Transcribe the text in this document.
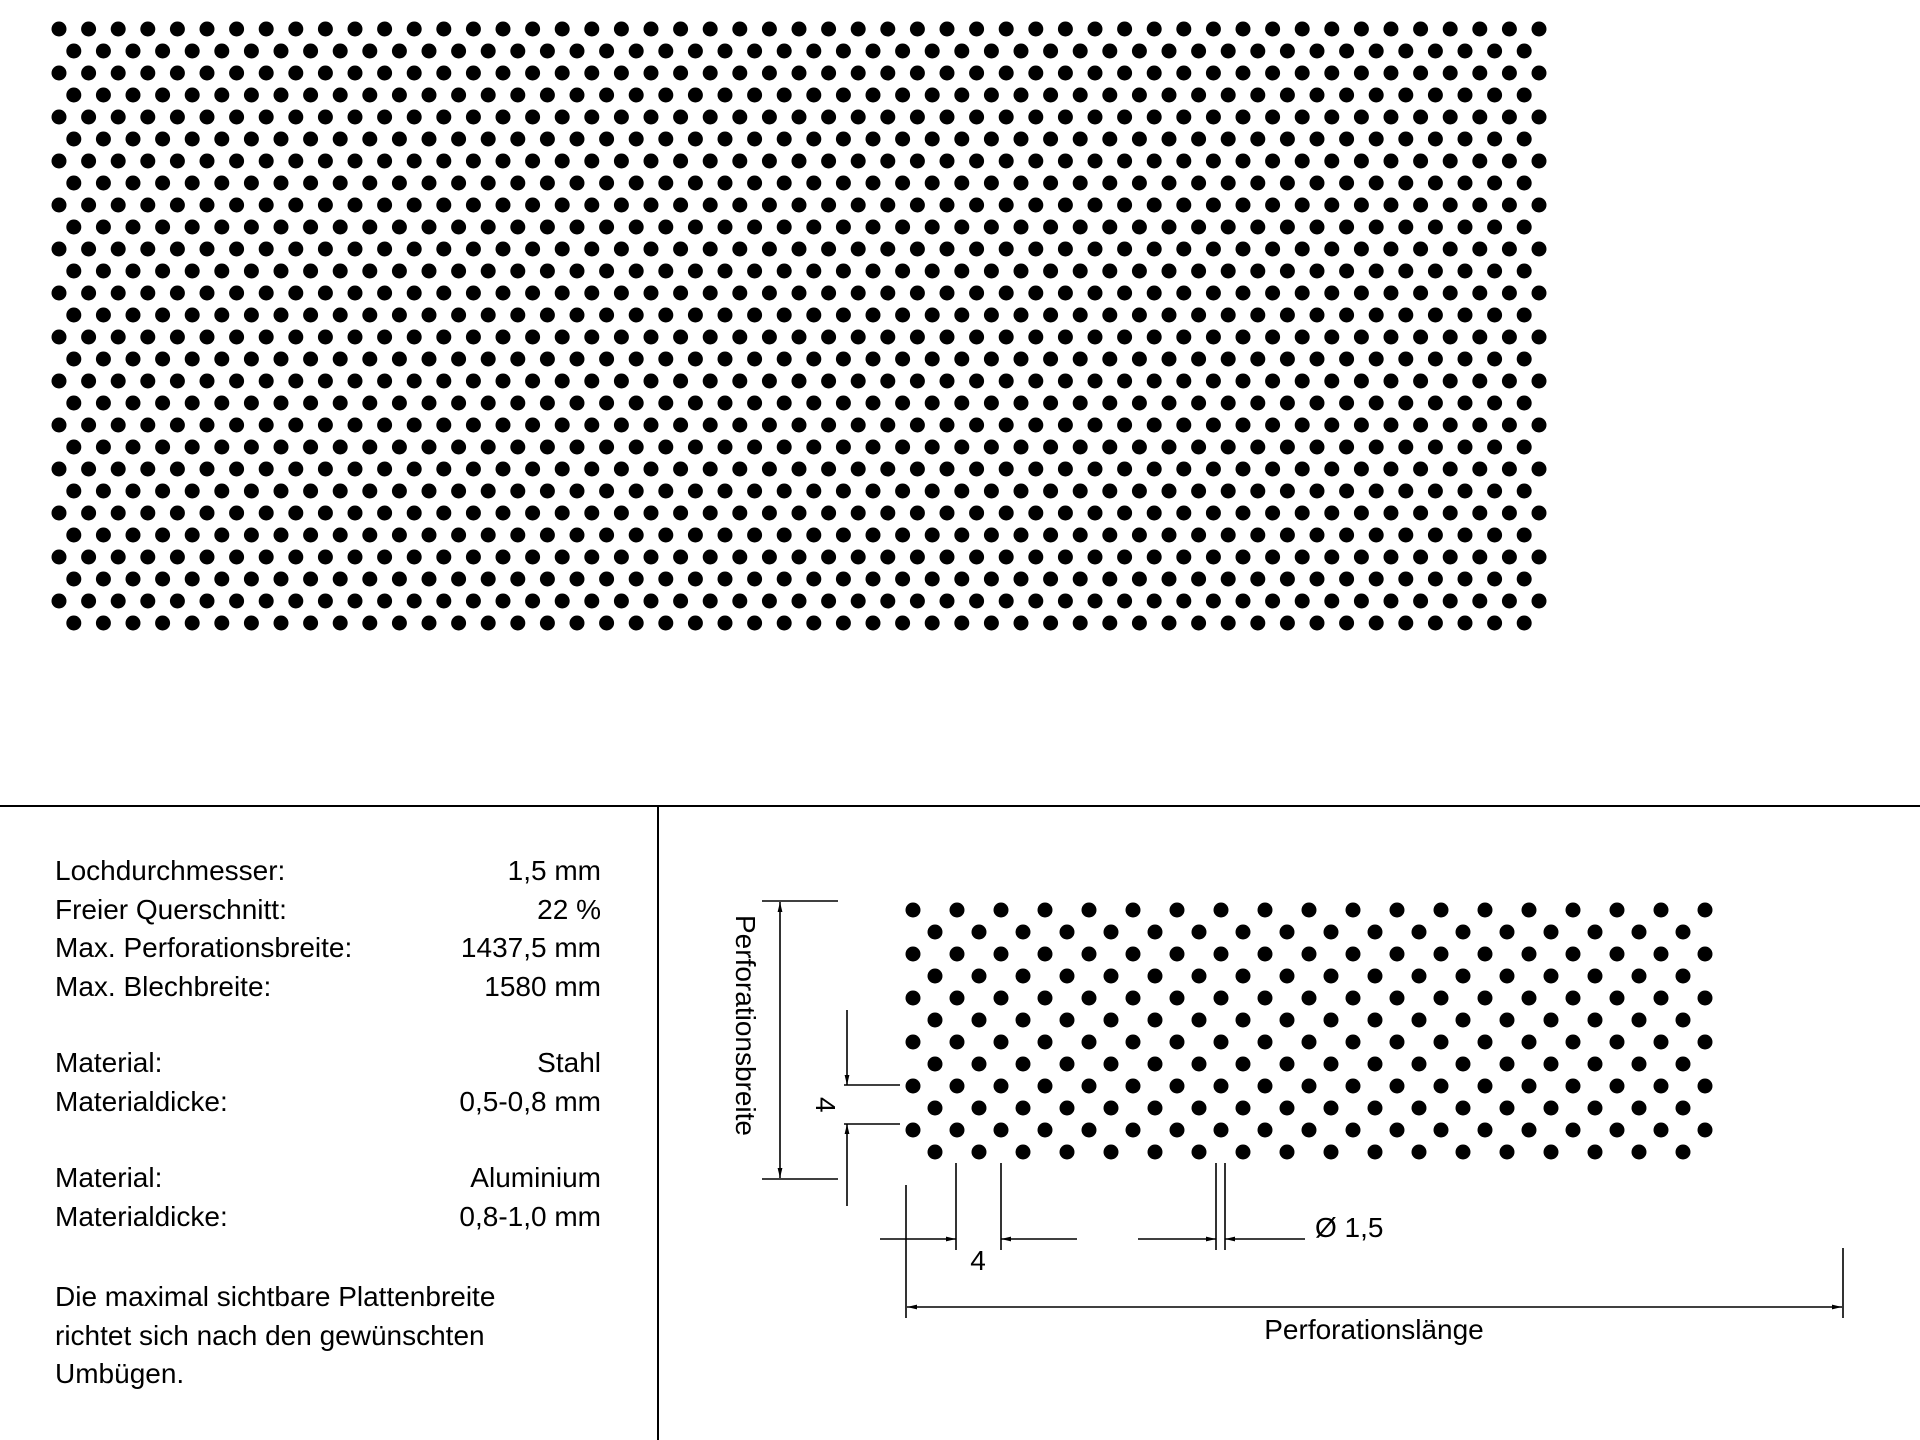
Lochdurchmesser:	1,5 mm
Freier Querschnitt:	22 %
Max. Perforationsbreite:	1437,5 mm
Max. Blechbreite:	1580 mm
Material:	Stahl
Materialdicke:	0,5-0,8 mm
Material:	Aluminium
Materialdicke:	0,8-1,0 mm
Die maximal sichtbare Plattenbreite
richtet sich nach den gewünschten
Umbügen.
Perforationsbreite 4
4
Ø 1,5
Perforationslänge
